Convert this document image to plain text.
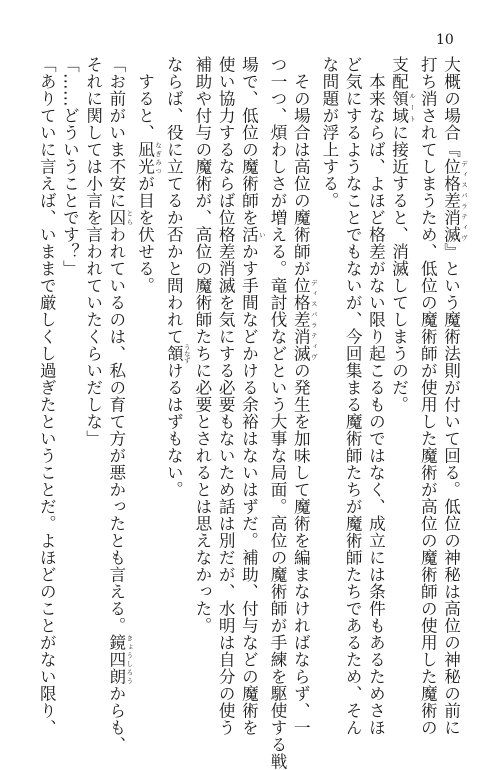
10

大概の場合『位格差消滅 ディスパラティヴ』という魔術法則が付いて回る。低位の神秘は高位の神秘の前に

打ち消されてしまうため、低位の魔術師が使用した魔術が高位の魔術師の使用した魔術の

支配領域 ルートに接近すると、消滅してしまうのだ。

　本来ならば、よほど格差がない限り起こるものではなく、成立には条件もあるためさほ

ど気にするようなことでもないが、今回集まる魔術師たちが魔術師たちであるため、そん

な問題が浮上する。

　その場合は高位の魔術師が位格差消滅 ディスパラティヴの発生を加味して魔術を編まなければならず、一

つ一つ、煩わしさが増える。竜討伐などという大事な局面。高位の魔術師が手練を駆使する戦

場で、低位の魔術師を活 いかす手間などかける余裕はないはずだ。補助、付与などの魔術を

使い協力するならば位格差消滅を気にする必要もないため話は別だが、水明は自分の使う

補助や付与の魔術が、高位の魔術師たちに必要とされるとは思えなかった。

ならば、役に立てるか否かと問われて頷 うなずけるはずもない。

　すると、凪光 なぎみつが目を伏せる。

「お前がいま不安に囚 とらわれているのは、私の育て方が悪かったとも言える。鏡四朗 きょうしろうからも、

それに関しては小言を言われていたくらいだしな」

「……どういうことです？」

「ありていに言えば、いままで厳しくし過ぎたということだ。よほどのことがない限り、
